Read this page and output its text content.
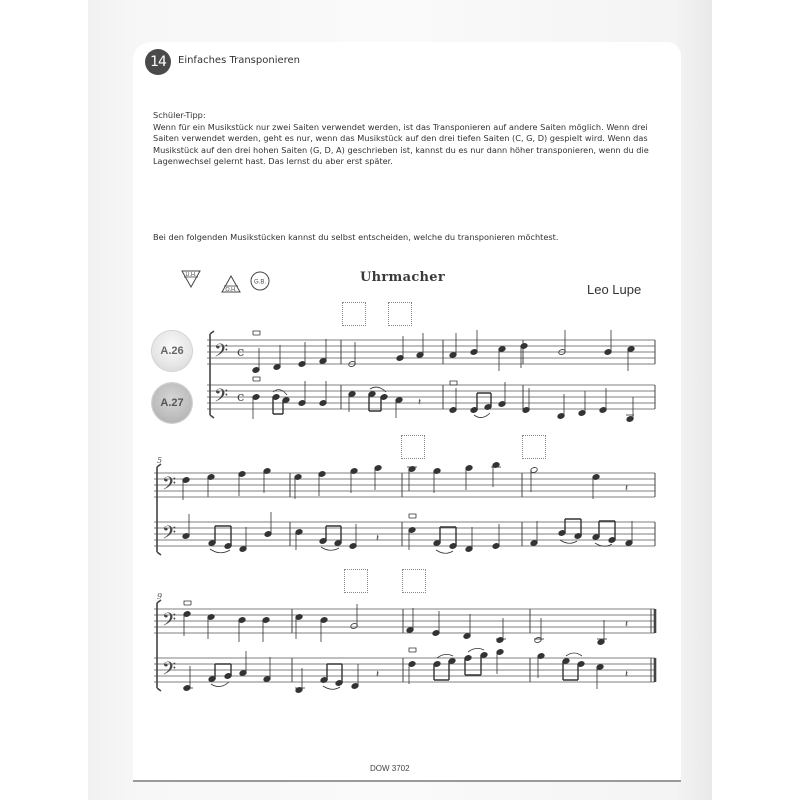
14	Einfaches Transponieren

Schüler-Tipp:

Wenn für ein Musikstück nur zwei Saiten verwendet werden, ist das Transponieren auf andere Saiten möglich. Wenn drei

Saiten verwendet werden, geht es nur, wenn das Musikstück auf den drei tiefen Saiten (C, G, D) gespielt wird. Wenn das

Musikstück auf den drei hohen Saiten (G, D, A) geschrieben ist, kannst du es nur dann höher transponieren, wenn du die

Lagenwechsel gelernt hast. Das lernst du aber erst später.

Bei den folgenden Musikstücken kannst du selbst entscheiden, welche du transponieren möchtest.
U.H.
O.H.
G.B.	Uhrmacher
Leo Lupe
A.26
A.27
5
9
𝄢
𝄢
𝄢
𝄢
𝄢
𝄢
c
c	𝄽
𝄽
𝄽
𝄽
𝄽	𝄽
DOW 3702
